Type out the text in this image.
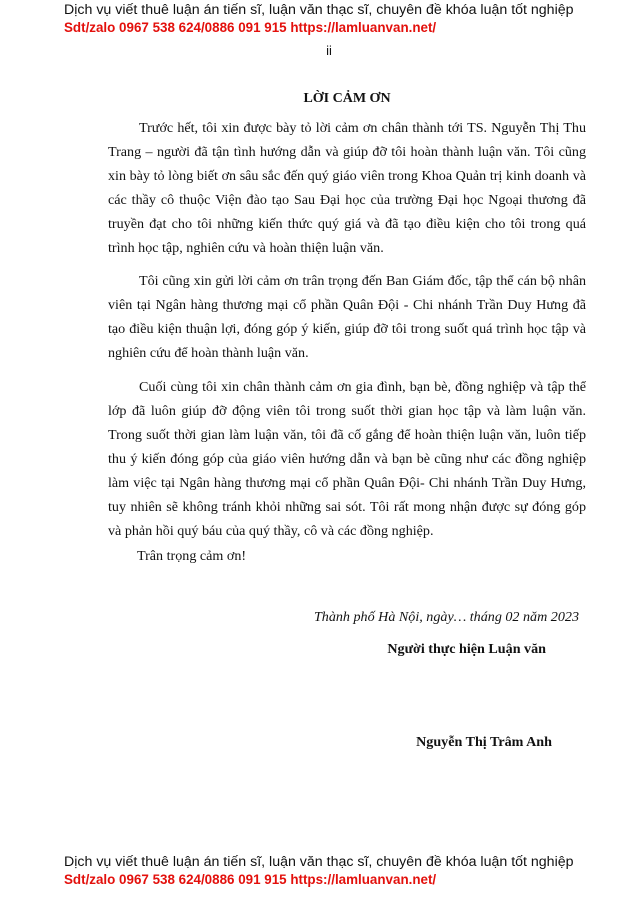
Dịch vụ viết thuê luận án tiến sĩ, luận văn thạc sĩ, chuyên đề khóa luận tốt nghiệp
Sdt/zalo 0967 538 624/0886 091 915 https://lamluanvan.net/
ii
LỜI CẢM ƠN

Trước hết, tôi xin được bày tỏ lời cảm ơn chân thành tới TS. Nguyễn Thị Thu Trang – người đã tận tình hướng dẫn và giúp đỡ tôi hoàn thành luận văn. Tôi cũng xin bày tỏ lòng biết ơn sâu sắc đến quý giáo viên trong Khoa Quản trị kinh doanh và các thầy cô thuộc Viện đào tạo Sau Đại học của trường Đại học Ngoại thương đã truyền đạt cho tôi những kiến thức quý giá và đã tạo điều kiện cho tôi trong quá trình học tập, nghiên cứu và hoàn thiện luận văn.

Tôi cũng xin gửi lời cảm ơn trân trọng đến Ban Giám đốc, tập thể cán bộ nhân viên tại Ngân hàng thương mại cổ phần Quân Đội - Chi nhánh Trần Duy Hưng đã tạo điều kiện thuận lợi, đóng góp ý kiến, giúp đỡ tôi trong suốt quá trình học tập và nghiên cứu để hoàn thành luận văn.

Cuối cùng tôi xin chân thành cảm ơn gia đình, bạn bè, đồng nghiệp và tập thể lớp đã luôn giúp đỡ động viên tôi trong suốt thời gian học tập và làm luận văn. Trong suốt thời gian làm luận văn, tôi đã cố gắng để hoàn thiện luận văn, luôn tiếp thu ý kiến đóng góp của giáo viên hướng dẫn và bạn bè cũng như các đồng nghiệp làm việc tại Ngân hàng thương mại cổ phần Quân Đội- Chi nhánh Trần Duy Hưng, tuy nhiên sẽ không tránh khỏi những sai sót. Tôi rất mong nhận được sự đóng góp và phản hồi quý báu của quý thầy, cô và các đồng nghiệp.

Trân trọng cảm ơn!
Thành phố Hà Nội, ngày… tháng 02 năm 2023
Người thực hiện Luận văn
Nguyễn Thị Trâm Anh
Dịch vụ viết thuê luận án tiến sĩ, luận văn thạc sĩ, chuyên đề khóa luận tốt nghiệp
Sdt/zalo 0967 538 624/0886 091 915 https://lamluanvan.net/
